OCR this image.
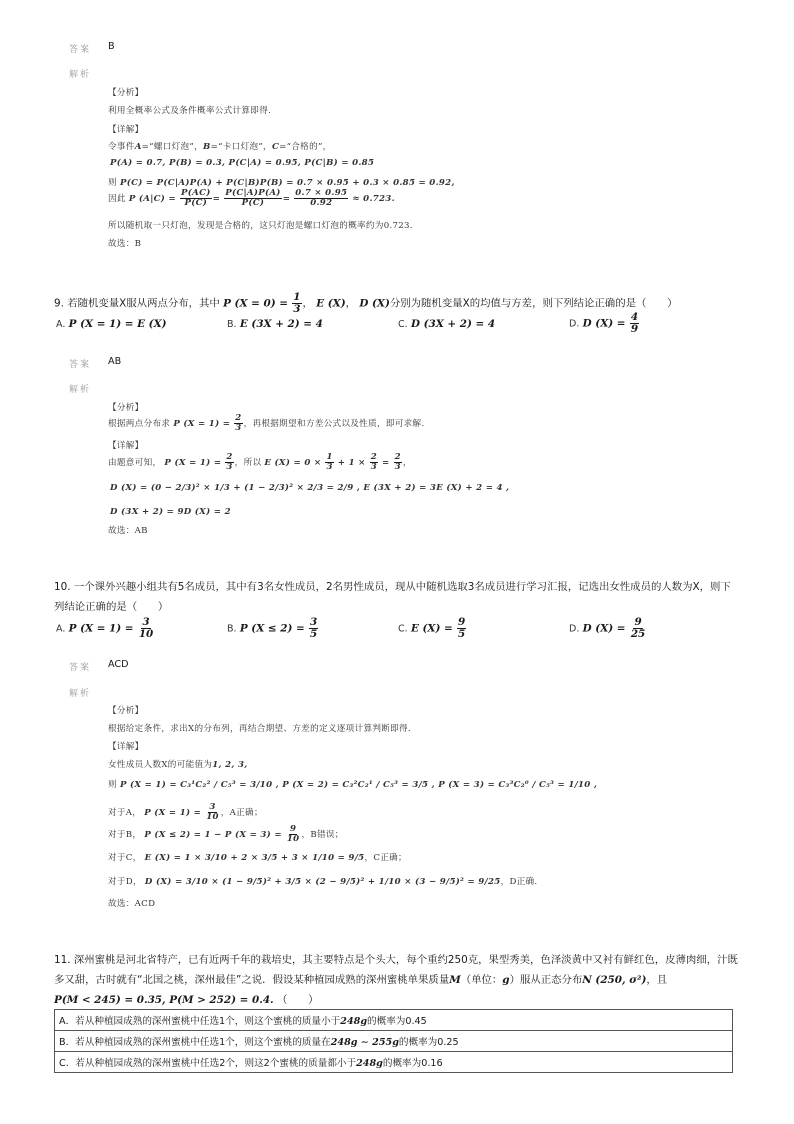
答案 B
解析
【分析】
利用全概率公式及条件概率公式计算即得.
【详解】
令事件A=“螺口灯泡”，B=“卡口灯泡”，C=“合格的”，
P(A) = 0.7, P(B) = 0.3, P(C|A) = 0.95, P(C|B) = 0.85
则 P(C) = P(C|A)P(A) + P(C|B)P(B) = 0.7 × 0.95 + 0.3 × 0.85 = 0.92,
因此 P $(A|C) = \frac{P(AC)}{P(C)} = \frac{P(C|A)P(A)}{P(C)} = \frac{0.7 \times 0.95}{0.92} \approx 0.723$.
所以随机取一只灯泡，发现是合格的，这只灯泡是螺口灯泡的概率约为0.723.
故选：B
9. 若随机变量X服从两点分布，其中 P $(X = 0) = \frac{1}{3}$ ， E (X)， D (X)分别为随机变量X的均值与方差，则下列结论正确的是（　　）
A. P (X = 1) = E (X)	B. E (3X + 2) = 4	C. D (3X + 2) = 4	D. D $(X) = \frac{4}{9}$
答案 AB
解析
【分析】
根据两点分布求 P $(X = 1) = \frac{2}{3}$ ，再根据期望和方差公式以及性质，即可求解.
【详解】
由题意可知， P $(X = 1) = \frac{2}{3}$ ，所以 E $(X) = 0 \times \frac{1}{3} + 1 \times \frac{2}{3} = \frac{2}{3}$ ，
D (X) = (0 − 2/3)² × 1/3 + (1 − 2/3)² × 2/3 = 2/9 , E (3X + 2) = 3E (X) + 2 = 4 ,
D (3X + 2) = 9D (X) = 2
故选：AB
10. 一个课外兴趣小组共有5名成员，其中有3名女性成员，2名男性成员，现从中随机选取3名成员进行学习汇报，记选出女性成员的人数为X，则下
列结论正确的是（　　）
A. P $(X = 1) = \frac{3}{10}$	B. P $(X \le 2) = \frac{3}{5}$	C. E $(X) = \frac{9}{5}$	D. D $(X) = \frac{9}{25}$
答案 ACD
解析
【分析】
根据给定条件，求出X的分布列，再结合期望、方差的定义逐项计算判断即得.
【详解】
女性成员人数X的可能值为1, 2, 3,
则 P (X = 1) = C₃¹C₂² / C₅³ = 3/10 , P (X = 2) = C₃²C₂¹ / C₅³ = 3/5 , P (X = 3) = C₃³C₂⁰ / C₅³ = 1/10 ,
对于A， P $(X = 1) = \frac{3}{10}$ ，A正确；
对于B， P (X ≤ 2) = 1 − P $(X = 3) = \frac{9}{10}$ ，B错误；
对于C， E (X) = 1 × 3/10 + 2 × 3/5 + 3 × 1/10 = 9/5，C正确；
对于D， D (X) = 3/10 × (1 − 9/5)² + 3/5 × (2 − 9/5)² + 1/10 × (3 − 9/5)² = 9/25，D正确.
故选：ACD
11. 深州蜜桃是河北省特产，已有近两千年的栽培史，其主要特点是个头大，每个重约250克，果型秀美，色泽淡黄中又衬有鲜红色，皮薄肉细，汁既
多又甜，古时就有“北国之桃，深州最佳”之说．假设某种植园成熟的深州蜜桃单果质量M（单位：g）服从正态分布N (250, σ²)，且
P(M < 245) = 0.35, P(M > 252) = 0.4. （　　）
A．若从种植园成熟的深州蜜桃中任选1个，则这个蜜桃的质量小于248g的概率为0.45
B．若从种植园成熟的深州蜜桃中任选1个，则这个蜜桃的质量在248g ∼ 255g的概率为0.25
C．若从种植园成熟的深州蜜桃中任选2个，则这2个蜜桃的质量都小于248g的概率为0.16
